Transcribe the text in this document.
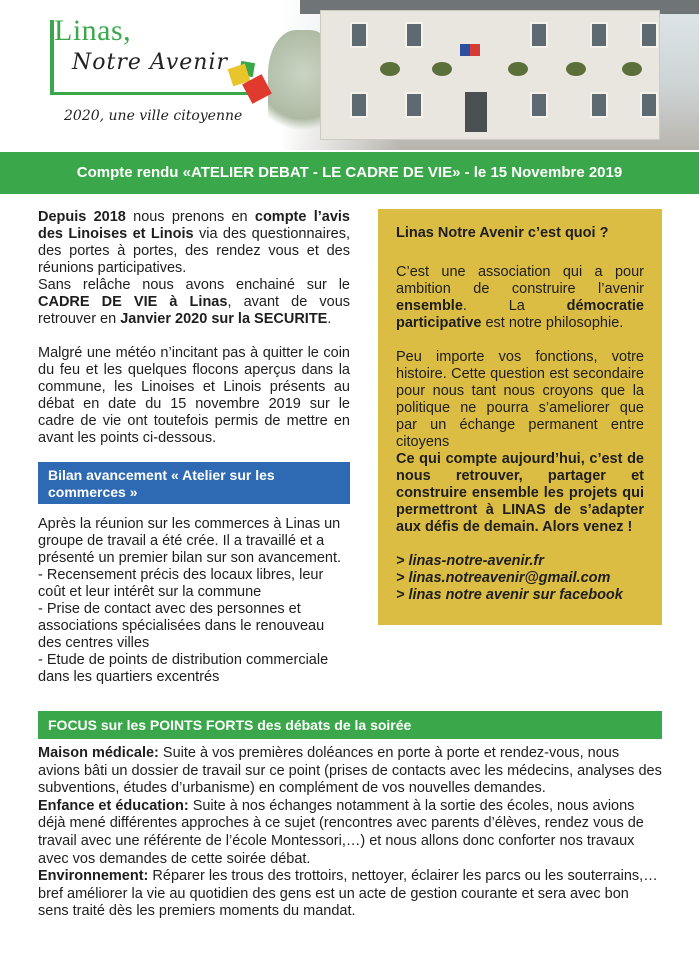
Linas,
Notre Avenir
2020, une ville citoyenne
Compte rendu «ATELIER DEBAT - LE CADRE DE VIE» - le 15 Novembre 2019
Depuis 2018 nous prenons en compte l’avis des Linoises et Linois via des questionnaires, des portes à portes, des rendez vous et des réunions participatives.
Sans relâche nous avons enchainé sur le CADRE DE VIE à Linas, avant de vous retrouver en Janvier 2020 sur la SECURITE.
Malgré une météo n’incitant pas à quitter le coin du feu et les quelques flocons aperçus dans la commune, les Linoises et Linois présents au débat en date du 15 novembre 2019 sur le cadre de vie ont toutefois permis de mettre en avant les points ci-dessous.
Bilan avancement « Atelier sur les commerces »
Après la réunion sur les commerces à Linas un groupe de travail a été crée. Il a travaillé et a présenté un premier bilan sur son avancement.
- Recensement précis des locaux libres, leur coût et leur intérêt sur la commune
- Prise de contact avec des personnes et associations spécialisées dans le renouveau des centres villes
- Etude de points de distribution commerciale dans les quartiers excentrés
Linas Notre Avenir c’est quoi ?

C’est une association qui a pour ambition de construire l’avenir ensemble. La démocratie participative est notre philosophie.

Peu importe vos fonctions, votre histoire. Cette question est secondaire pour nous tant nous croyons que la politique ne pourra s’ameliorer que par un échange permanent entre citoyens

Ce qui compte aujourd’hui, c’est de nous retrouver, partager et construire ensemble les projets qui permettront à LINAS de s’adapter aux défis de demain. Alors venez !

> linas-notre-avenir.fr
> linas.notreavenir@gmail.com
> linas notre avenir sur facebook
FOCUS sur les POINTS FORTS des débats de la soirée
Maison médicale: Suite à vos premières doléances en porte à porte et rendez-vous, nous avions bâti un dossier de travail sur ce point (prises de contacts avec les médecins, analyses des subventions, études d’urbanisme) en complément de vos nouvelles demandes.
Enfance et éducation: Suite à nos échanges notamment à la sortie des écoles, nous avions déjà mené différentes approches à ce sujet (rencontres avec parents d’élèves, rendez vous de travail avec une référente de l’école Montessori,…) et nous allons donc conforter nos travaux avec vos demandes de cette soirée débat.
Environnement: Réparer les trous des trottoirs, nettoyer, éclairer les parcs ou les souterrains,… bref améliorer la vie au quotidien des gens est un acte de gestion courante et sera avec bon sens traité dès les premiers moments du mandat.
